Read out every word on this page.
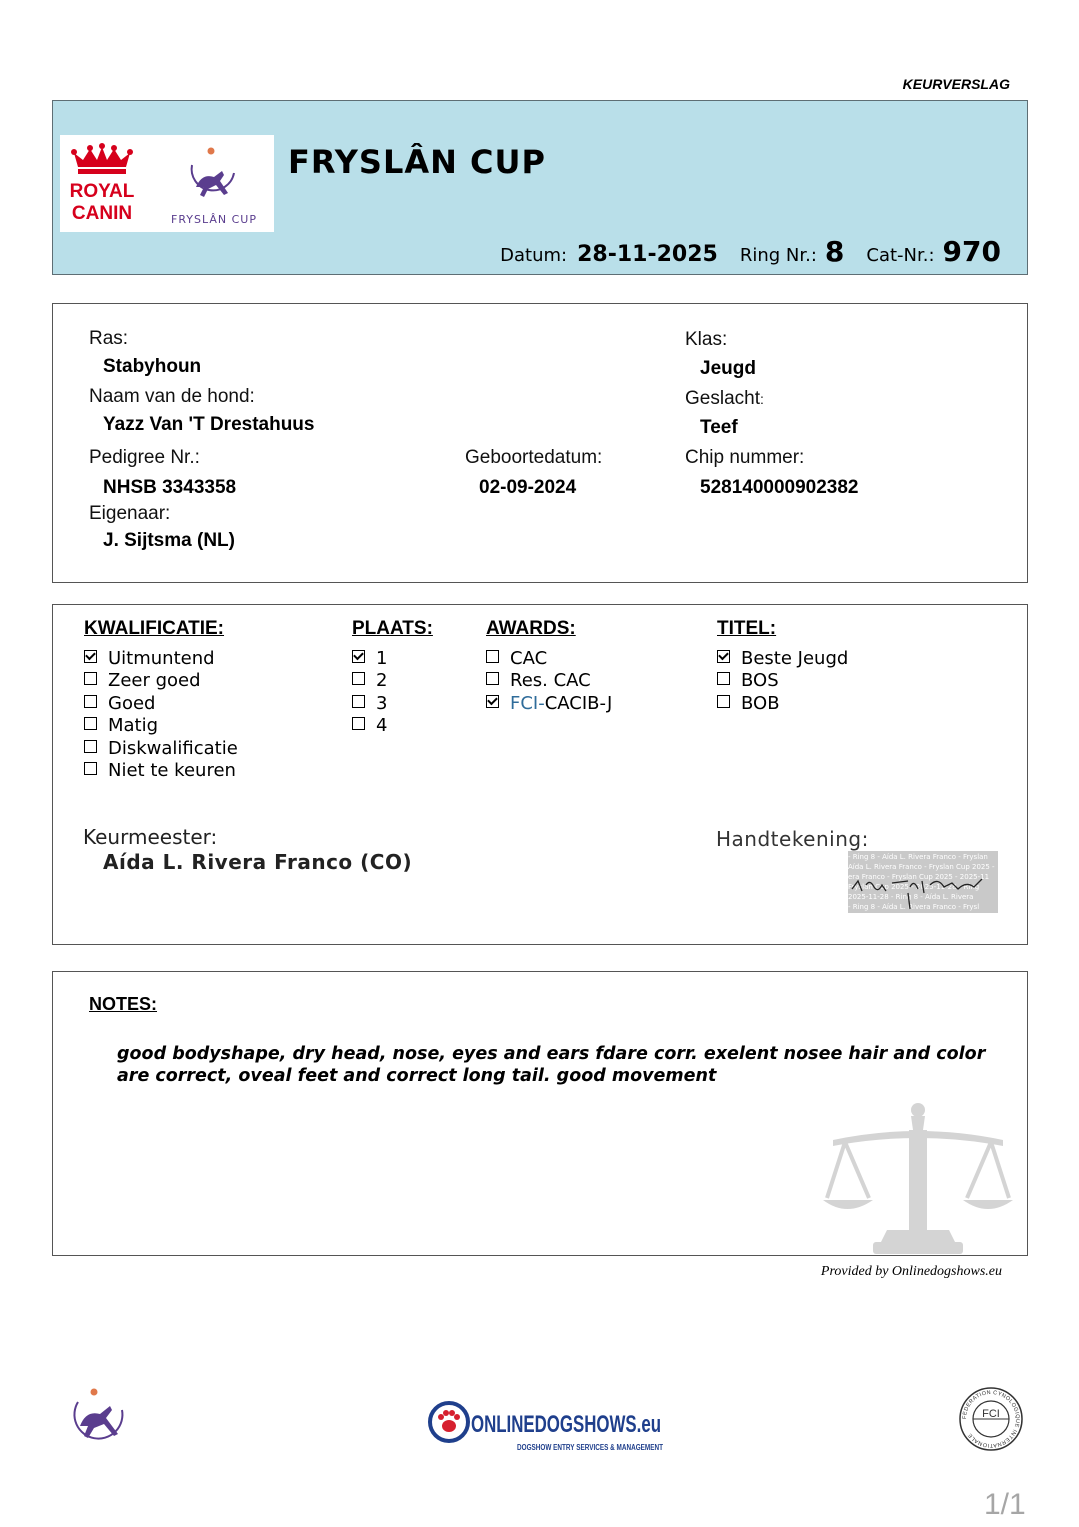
KEURVERSLAG
ROYAL
CANIN	FRYSLÂN CUP
FRYSLÂN CUP
Datum: 28-11-2025 Ring Nr.: 8 Cat-Nr.: 970
Ras:
Stabyhoun
Naam van de hond:
Yazz Van 'T Drestahuus
Pedigree Nr.:
NHSB 3343358
Eigenaar:
J. Sijtsma (NL)
Geboortedatum:
02-09-2024
Klas:
Jeugd
Geslacht:
Teef
Chip nummer:
528140000902382
KWALIFICATIE:
Uitmuntend
Zeer goed
Goed
Matig
Diskwalificatie
Niet te keuren
PLAATS:
1
2
3
4
AWARDS:
CAC
Res. CAC
FCI-CACIB-J
TITEL:
Beste Jeugd
BOS
BOB
Keurmeester:
Aída L. Rivera Franco (CO)
Handtekening:
- Ring 8 - Aída L. Rivera Franco - Fryslan
Aída L. Rivera Franco - Fryslan Cup 2025 -
era Franco - Fryslan Cup 2025 - 2025-11
Fryslan Cup 2025 - 2025-11-28 - Ring
2025-11-28 - Ring 8 - Aída L. Rivera
- Ring 8 - Aída L. Rivera Franco - Frysl
NOTES:
good bodyshape, dry head, nose, eyes and ears fdare corr. exelent nosee hair and color are correct, oveal feet and correct long tail. good movement
Provided by Onlinedogshows.eu
ONLINEDOGSHOWS.eu
DOGSHOW ENTRY SERVICES & MANAGEMENT
FCI
FEDERATION CYNOLOGIQUE INTERNATIONALE
1/1
